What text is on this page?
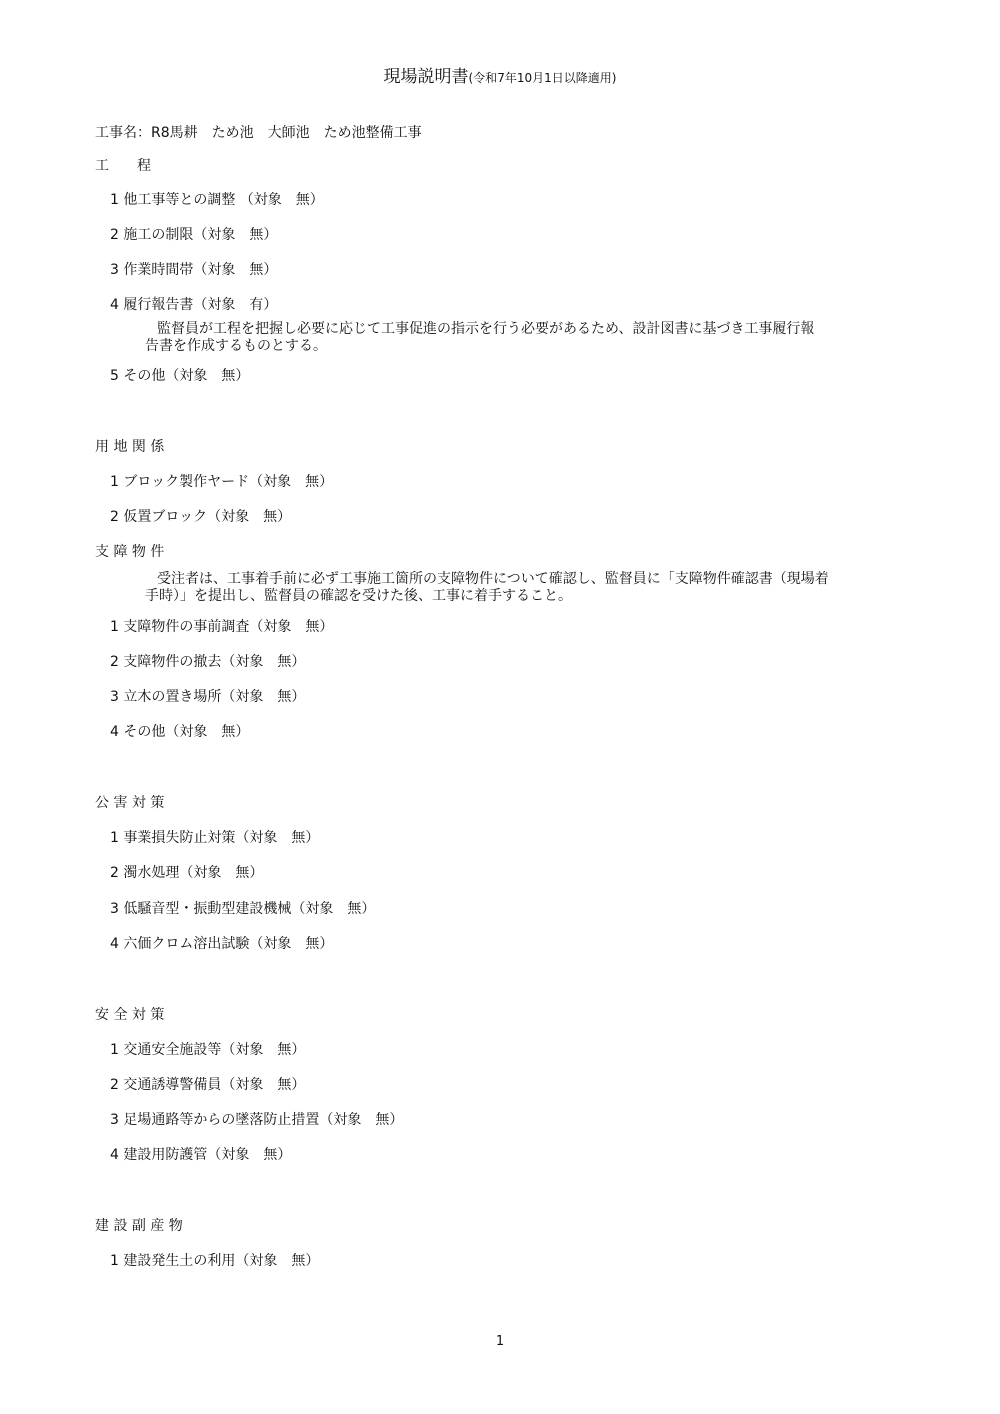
現場説明書(令和7年10月1日以降適用)
工事名：R8馬耕　ため池　大師池　ため池整備工事
工　　程
1 他工事等との調整 （対象　無）
2 施工の制限（対象　無）
3 作業時間帯（対象　無）
4 履行報告書（対象　有）
監督員が工程を把握し必要に応じて工事促進の指示を行う必要があるため、設計図書に基づき工事履行報
告書を作成するものとする。
5 その他（対象　無）
用 地 関 係
1 ブロック製作ヤード（対象　無）
2 仮置ブロック（対象　無）
支 障 物 件
受注者は、工事着手前に必ず工事施工箇所の支障物件について確認し、監督員に「支障物件確認書（現場着
手時）」を提出し、監督員の確認を受けた後、工事に着手すること。
1 支障物件の事前調査（対象　無）
2 支障物件の撤去（対象　無）
3 立木の置き場所（対象　無）
4 その他（対象　無）
公 害 対 策
1 事業損失防止対策（対象　無）
2 濁水処理（対象　無）
3 低騒音型・振動型建設機械（対象　無）
4 六価クロム溶出試験（対象　無）
安 全 対 策
1 交通安全施設等（対象　無）
2 交通誘導警備員（対象　無）
3 足場通路等からの墜落防止措置（対象　無）
4 建設用防護管（対象　無）
建 設 副 産 物
1 建設発生土の利用（対象　無）
1
